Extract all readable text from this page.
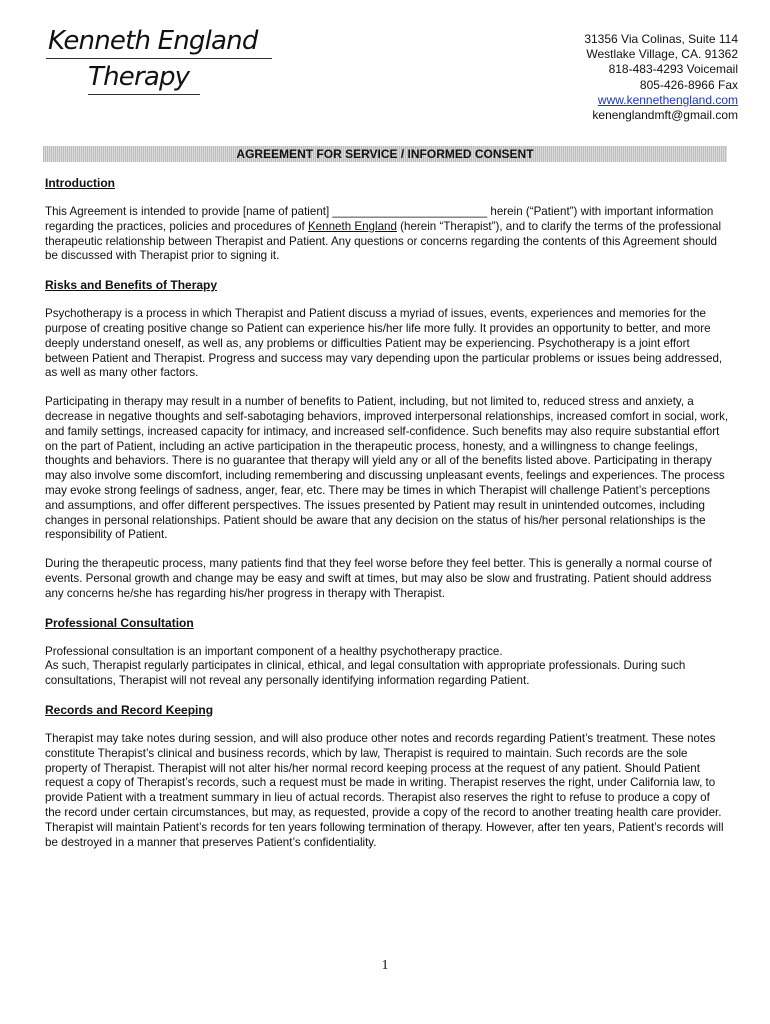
Kenneth England
Therapy
31356 Via Colinas, Suite 114
Westlake Village, CA. 91362
818-483-4293 Voicemail
805-426-8966 Fax
www.kennethengland.com
kenenglandmft@gmail.com
AGREEMENT FOR SERVICE / INFORMED CONSENT
Introduction

This Agreement is intended to provide [name of patient] ________________________ herein (“Patient”) with important information regarding the practices, policies and procedures of Kenneth England (herein “Therapist”), and to clarify the terms of the professional therapeutic relationship between Therapist and Patient. Any questions or concerns regarding the contents of this Agreement should be discussed with Therapist prior to signing it.

Risks and Benefits of Therapy

Psychotherapy is a process in which Therapist and Patient discuss a myriad of issues, events, experiences and memories for the purpose of creating positive change so Patient can experience his/her life more fully. It provides an opportunity to better, and more deeply understand oneself, as well as, any problems or difficulties Patient may be experiencing. Psychotherapy is a joint effort between Patient and Therapist. Progress and success may vary depending upon the particular problems or issues being addressed, as well as many other factors.

Participating in therapy may result in a number of benefits to Patient, including, but not limited to, reduced stress and anxiety, a decrease in negative thoughts and self-sabotaging behaviors, improved interpersonal relationships, increased comfort in social, work, and family settings, increased capacity for intimacy, and increased self-confidence. Such benefits may also require substantial effort on the part of Patient, including an active participation in the therapeutic process, honesty, and a willingness to change feelings, thoughts and behaviors. There is no guarantee that therapy will yield any or all of the benefits listed above. Participating in therapy may also involve some discomfort, including remembering and discussing unpleasant events, feelings and experiences. The process may evoke strong feelings of sadness, anger, fear, etc. There may be times in which Therapist will challenge Patient’s perceptions and assumptions, and offer different perspectives. The issues presented by Patient may result in unintended outcomes, including changes in personal relationships. Patient should be aware that any decision on the status of his/her personal relationships is the responsibility of Patient.

During the therapeutic process, many patients find that they feel worse before they feel better. This is generally a normal course of events. Personal growth and change may be easy and swift at times, but may also be slow and frustrating. Patient should address any concerns he/she has regarding his/her progress in therapy with Therapist.

Professional Consultation

Professional consultation is an important component of a healthy psychotherapy practice.
As such, Therapist regularly participates in clinical, ethical, and legal consultation with appropriate professionals. During such consultations, Therapist will not reveal any personally identifying information regarding Patient.

Records and Record Keeping

Therapist may take notes during session, and will also produce other notes and records regarding Patient’s treatment. These notes constitute Therapist’s clinical and business records, which by law, Therapist is required to maintain. Such records are the sole property of Therapist. Therapist will not alter his/her normal record keeping process at the request of any patient. Should Patient request a copy of Therapist’s records, such a request must be made in writing. Therapist reserves the right, under California law, to provide Patient with a treatment summary in lieu of actual records. Therapist also reserves the right to refuse to produce a copy of the record under certain circumstances, but may, as requested, provide a copy of the record to another treating health care provider. Therapist will maintain Patient’s records for ten years following termination of therapy. However, after ten years, Patient’s records will be destroyed in a manner that preserves Patient’s confidentiality.

1
